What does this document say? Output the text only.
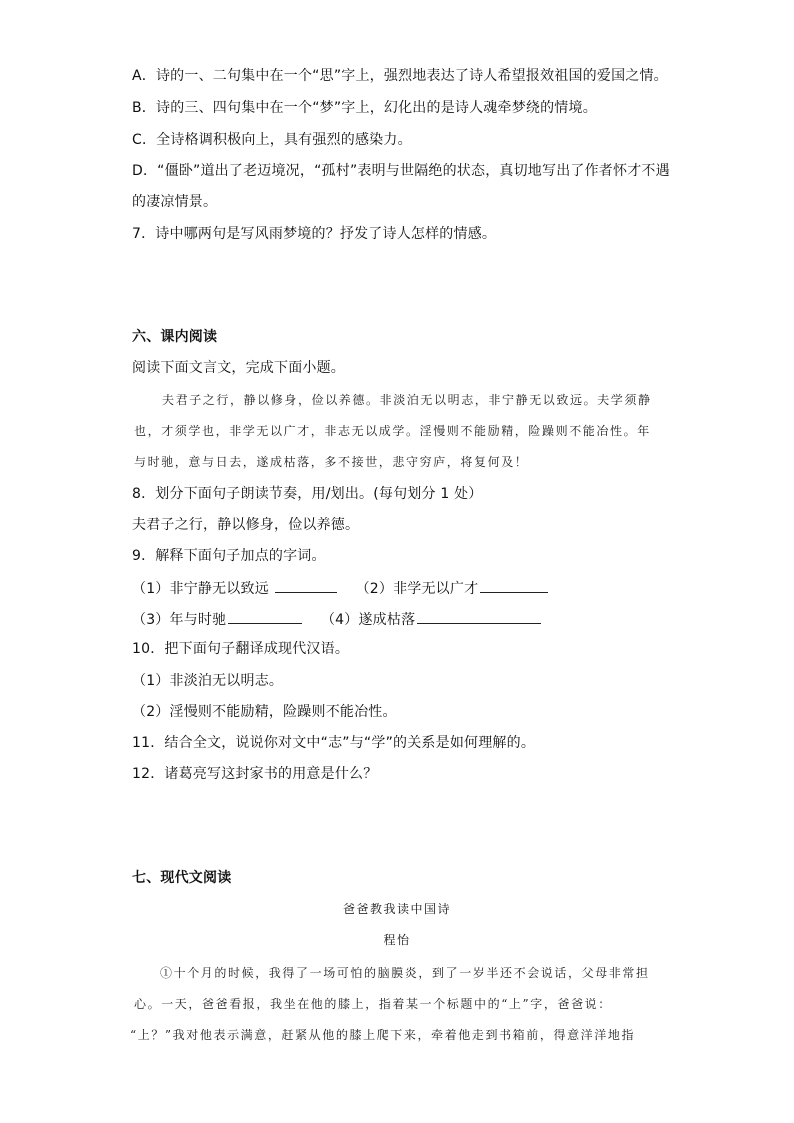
A．诗的一、二句集中在一个“思”字上，强烈地表达了诗人希望报效祖国的爱国之情。
B．诗的三、四句集中在一个“梦”字上，幻化出的是诗人魂牵梦绕的情境。
C．全诗格调积极向上，具有强烈的感染力。
D．“僵卧”道出了老迈境况，“孤村”表明与世隔绝的状态，真切地写出了作者怀才不遇
的凄凉情景。
7．诗中哪两句是写风雨梦境的？抒发了诗人怎样的情感。
六、课内阅读
阅读下面文言文，完成下面小题。
夫君子之行，静以修身，俭以养德。非淡泊无以明志，非宁静无以致远。夫学须静
也，才须学也，非学无以广才，非志无以成学。淫慢则不能励精，险躁则不能冶性。年
与时驰，意与日去，遂成枯落，多不接世，悲守穷庐，将复何及！
8．划分下面句子朗读节奏，用/划出。(每句划分 1 处）
夫君子之行，静以修身，俭以养德。
9．解释下面句子加点的字词。
（1）非宁静无以致远	（2）非学无以广才
（3）年与时驰	（4）遂成枯落
10．把下面句子翻译成现代汉语。
（1）非淡泊无以明志。
（2）淫慢则不能励精，险躁则不能冶性。
11．结合全文，说说你对文中“志”与“学”的关系是如何理解的。
12．诸葛亮写这封家书的用意是什么？
七、现代文阅读
爸爸教我读中国诗
程怡
①十个月的时候，我得了一场可怕的脑膜炎，到了一岁半还不会说话，父母非常担
心。一天，爸爸看报，我坐在他的膝上，指着某一个标题中的“上”字，爸爸说：
“上？”我对他表示满意，赶紧从他的膝上爬下来，牵着他走到书箱前，得意洋洋地指
